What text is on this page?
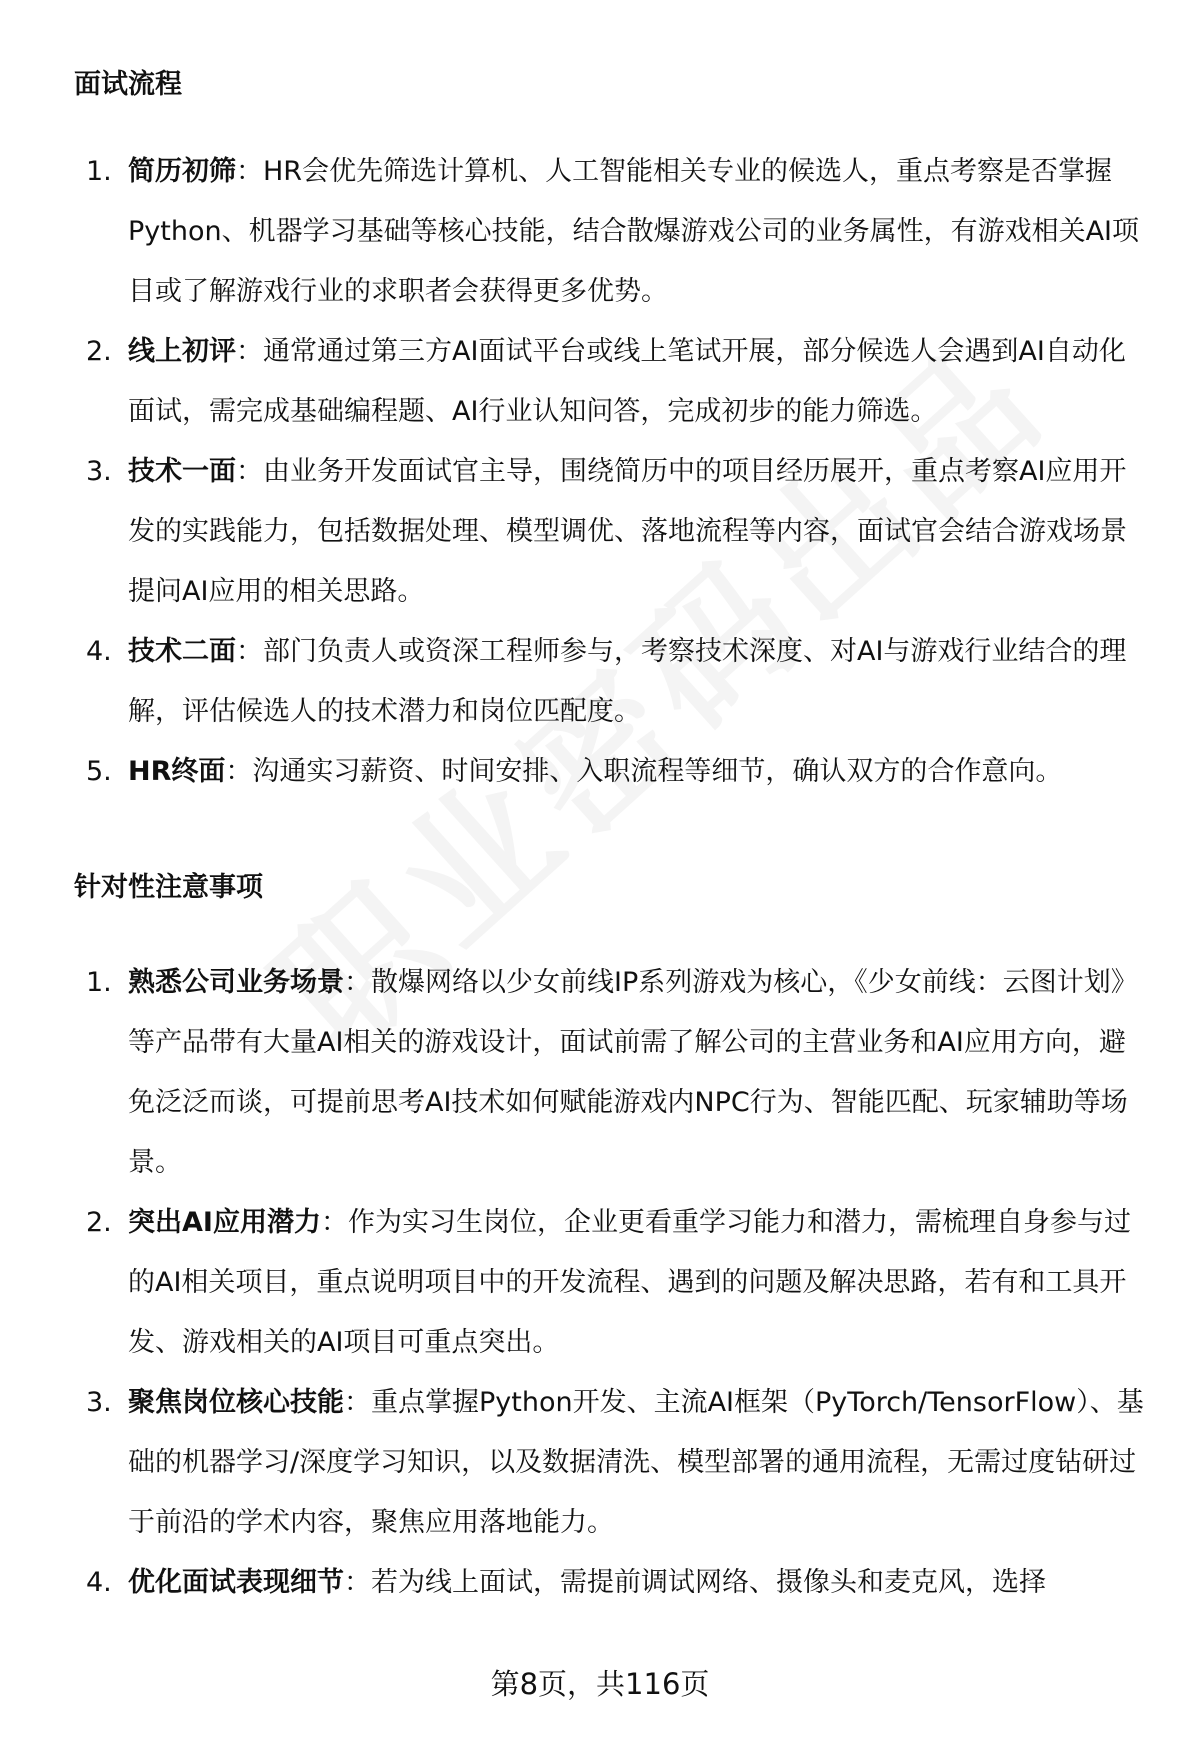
面试流程
1. 简历初筛：HR会优先筛选计算机、人工智能相关专业的候选人，重点考察是否掌握Python、机器学习基础等核心技能，结合散爆游戏公司的业务属性，有游戏相关AI项目或了解游戏行业的求职者会获得更多优势。
2. 线上初评：通常通过第三方AI面试平台或线上笔试开展，部分候选人会遇到AI自动化面试，需完成基础编程题、AI行业认知问答，完成初步的能力筛选。
3. 技术一面：由业务开发面试官主导，围绕简历中的项目经历展开，重点考察AI应用开发的实践能力，包括数据处理、模型调优、落地流程等内容，面试官会结合游戏场景提问AI应用的相关思路。
4. 技术二面：部门负责人或资深工程师参与，考察技术深度、对AI与游戏行业结合的理解，评估候选人的技术潜力和岗位匹配度。
5. HR终面：沟通实习薪资、时间安排、入职流程等细节，确认双方的合作意向。
针对性注意事项
1. 熟悉公司业务场景：散爆网络以少女前线IP系列游戏为核心，《少女前线：云图计划》等产品带有大量AI相关的游戏设计，面试前需了解公司的主营业务和AI应用方向，避免泛泛而谈，可提前思考AI技术如何赋能游戏内NPC行为、智能匹配、玩家辅助等场景。
2. 突出AI应用潜力：作为实习生岗位，企业更看重学习能力和潜力，需梳理自身参与过的AI相关项目，重点说明项目中的开发流程、遇到的问题及解决思路，若有和工具开发、游戏相关的AI项目可重点突出。
3. 聚焦岗位核心技能：重点掌握Python开发、主流AI框架（PyTorch/TensorFlow）、基础的机器学习/深度学习知识，以及数据清洗、模型部署的通用流程，无需过度钻研过于前沿的学术内容，聚焦应用落地能力。
4. 优化面试表现细节：若为线上面试，需提前调试网络、摄像头和麦克风，选择
第8页，共116页
